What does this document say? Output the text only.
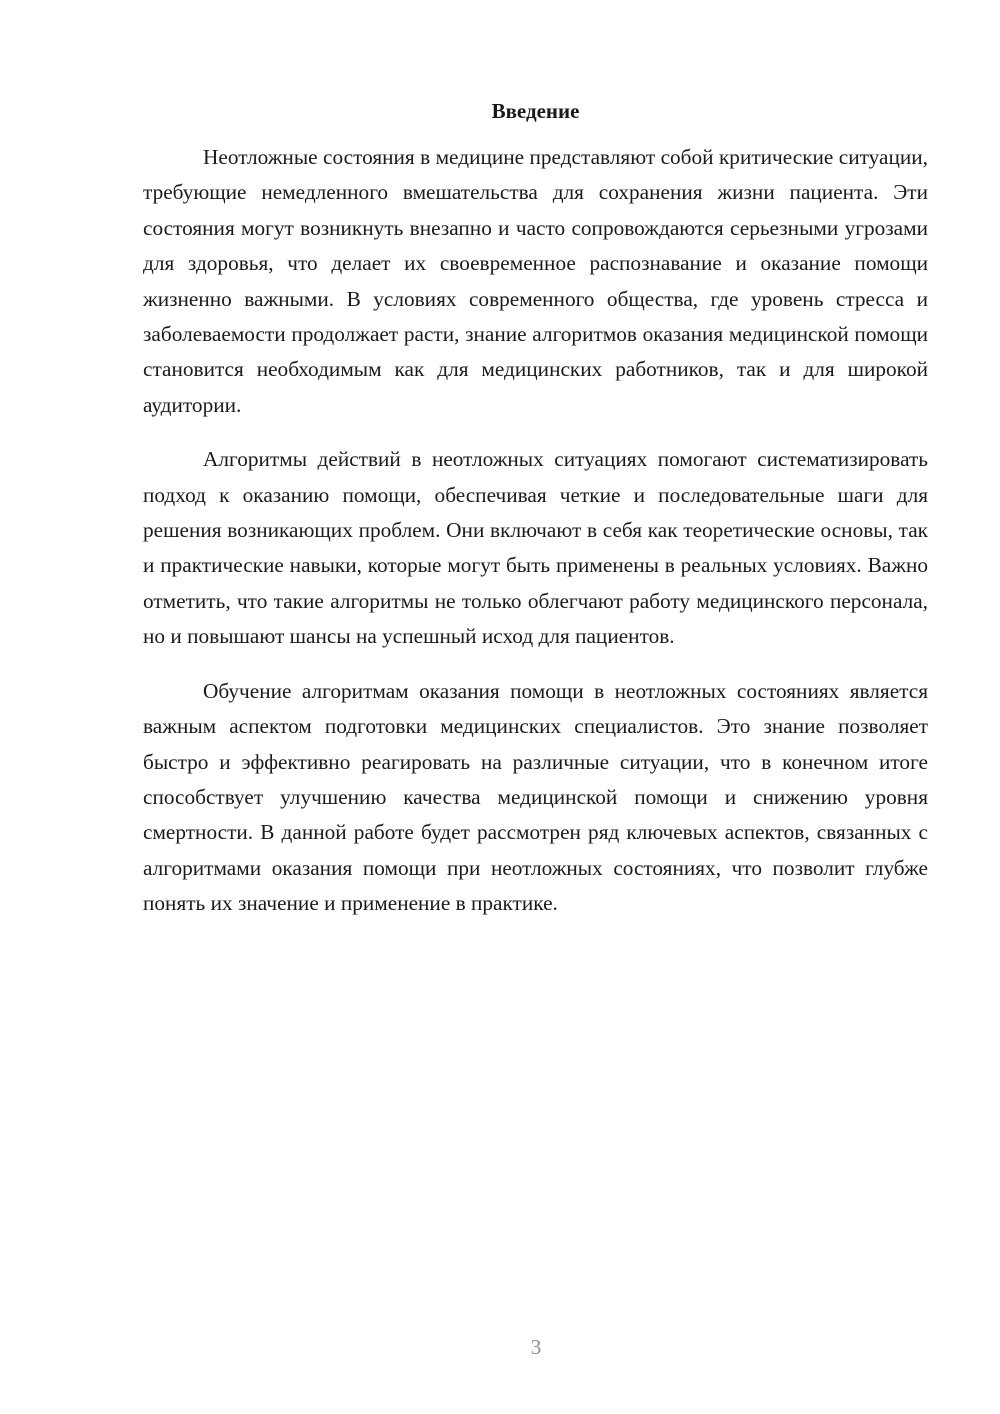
Введение

Неотложные состояния в медицине представляют собой критические ситуации, требующие немедленного вмешательства для сохранения жизни пациента. Эти состояния могут возникнуть внезапно и часто сопровождаются серьезными угрозами для здоровья, что делает их своевременное распознавание и оказание помощи жизненно важными. В условиях современного общества, где уровень стресса и заболеваемости продолжает расти, знание алгоритмов оказания медицинской помощи становится необходимым как для медицинских работников, так и для широкой аудитории.

Алгоритмы действий в неотложных ситуациях помогают систематизировать подход к оказанию помощи, обеспечивая четкие и последовательные шаги для решения возникающих проблем. Они включают в себя как теоретические основы, так и практические навыки, которые могут быть применены в реальных условиях. Важно отметить, что такие алгоритмы не только облегчают работу медицинского персонала, но и повышают шансы на успешный исход для пациентов.

Обучение алгоритмам оказания помощи в неотложных состояниях является важным аспектом подготовки медицинских специалистов. Это знание позволяет быстро и эффективно реагировать на различные ситуации, что в конечном итоге способствует улучшению качества медицинской помощи и снижению уровня смертности. В данной работе будет рассмотрен ряд ключевых аспектов, связанных с алгоритмами оказания помощи при неотложных состояниях, что позволит глубже понять их значение и применение в практике.

3
